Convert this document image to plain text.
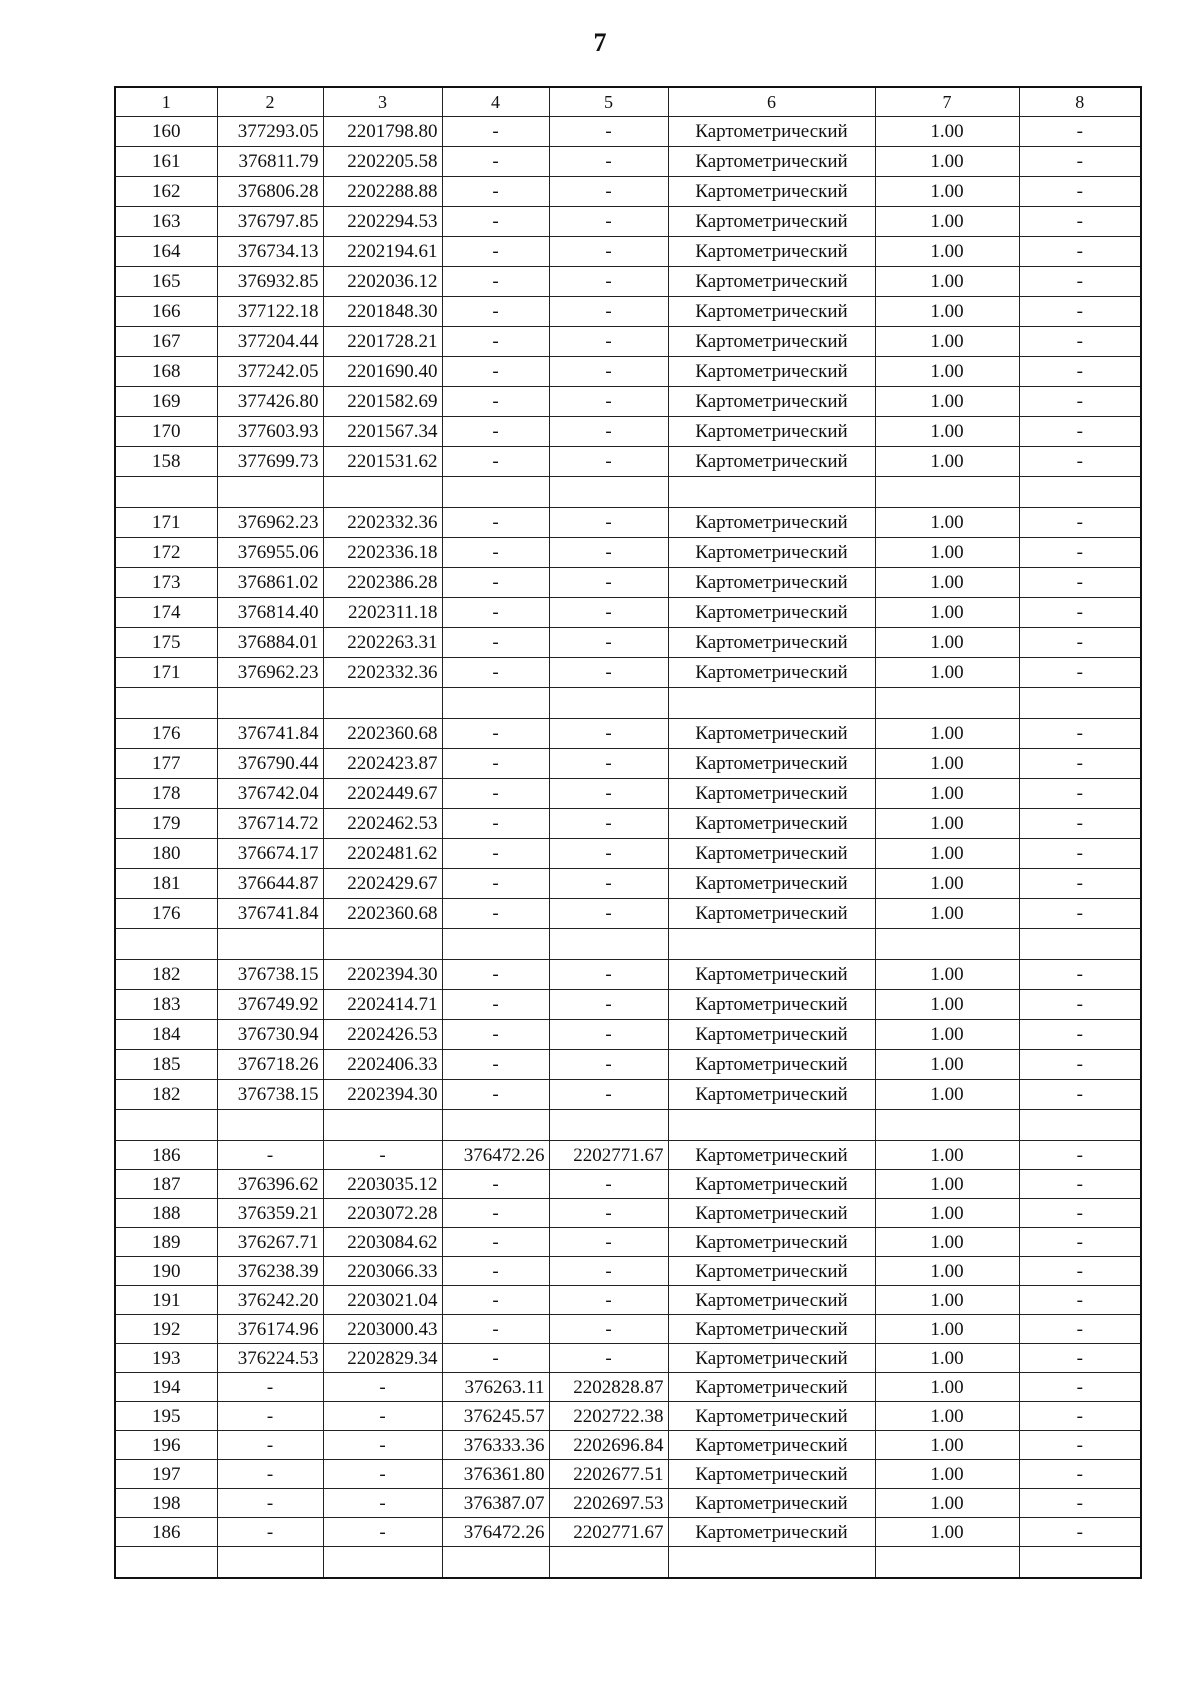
7
1	2	3	4	5	6	7	8
160	377293.05	2201798.80	-	-	Картометрический	1.00	-
161	376811.79	2202205.58	-	-	Картометрический	1.00	-
162	376806.28	2202288.88	-	-	Картометрический	1.00	-
163	376797.85	2202294.53	-	-	Картометрический	1.00	-
164	376734.13	2202194.61	-	-	Картометрический	1.00	-
165	376932.85	2202036.12	-	-	Картометрический	1.00	-
166	377122.18	2201848.30	-	-	Картометрический	1.00	-
167	377204.44	2201728.21	-	-	Картометрический	1.00	-
168	377242.05	2201690.40	-	-	Картометрический	1.00	-
169	377426.80	2201582.69	-	-	Картометрический	1.00	-
170	377603.93	2201567.34	-	-	Картометрический	1.00	-
158	377699.73	2201531.62	-	-	Картометрический	1.00	-

171	376962.23	2202332.36	-	-	Картометрический	1.00	-
172	376955.06	2202336.18	-	-	Картометрический	1.00	-
173	376861.02	2202386.28	-	-	Картометрический	1.00	-
174	376814.40	2202311.18	-	-	Картометрический	1.00	-
175	376884.01	2202263.31	-	-	Картометрический	1.00	-
171	376962.23	2202332.36	-	-	Картометрический	1.00	-

176	376741.84	2202360.68	-	-	Картометрический	1.00	-
177	376790.44	2202423.87	-	-	Картометрический	1.00	-
178	376742.04	2202449.67	-	-	Картометрический	1.00	-
179	376714.72	2202462.53	-	-	Картометрический	1.00	-
180	376674.17	2202481.62	-	-	Картометрический	1.00	-
181	376644.87	2202429.67	-	-	Картометрический	1.00	-
176	376741.84	2202360.68	-	-	Картометрический	1.00	-

182	376738.15	2202394.30	-	-	Картометрический	1.00	-
183	376749.92	2202414.71	-	-	Картометрический	1.00	-
184	376730.94	2202426.53	-	-	Картометрический	1.00	-
185	376718.26	2202406.33	-	-	Картометрический	1.00	-
182	376738.15	2202394.30	-	-	Картометрический	1.00	-

186	-	-	376472.26	2202771.67	Картометрический	1.00	-
187	376396.62	2203035.12	-	-	Картометрический	1.00	-
188	376359.21	2203072.28	-	-	Картометрический	1.00	-
189	376267.71	2203084.62	-	-	Картометрический	1.00	-
190	376238.39	2203066.33	-	-	Картометрический	1.00	-
191	376242.20	2203021.04	-	-	Картометрический	1.00	-
192	376174.96	2203000.43	-	-	Картометрический	1.00	-
193	376224.53	2202829.34	-	-	Картометрический	1.00	-
194	-	-	376263.11	2202828.87	Картометрический	1.00	-
195	-	-	376245.57	2202722.38	Картометрический	1.00	-
196	-	-	376333.36	2202696.84	Картометрический	1.00	-
197	-	-	376361.80	2202677.51	Картометрический	1.00	-
198	-	-	376387.07	2202697.53	Картометрический	1.00	-
186	-	-	376472.26	2202771.67	Картометрический	1.00	-
